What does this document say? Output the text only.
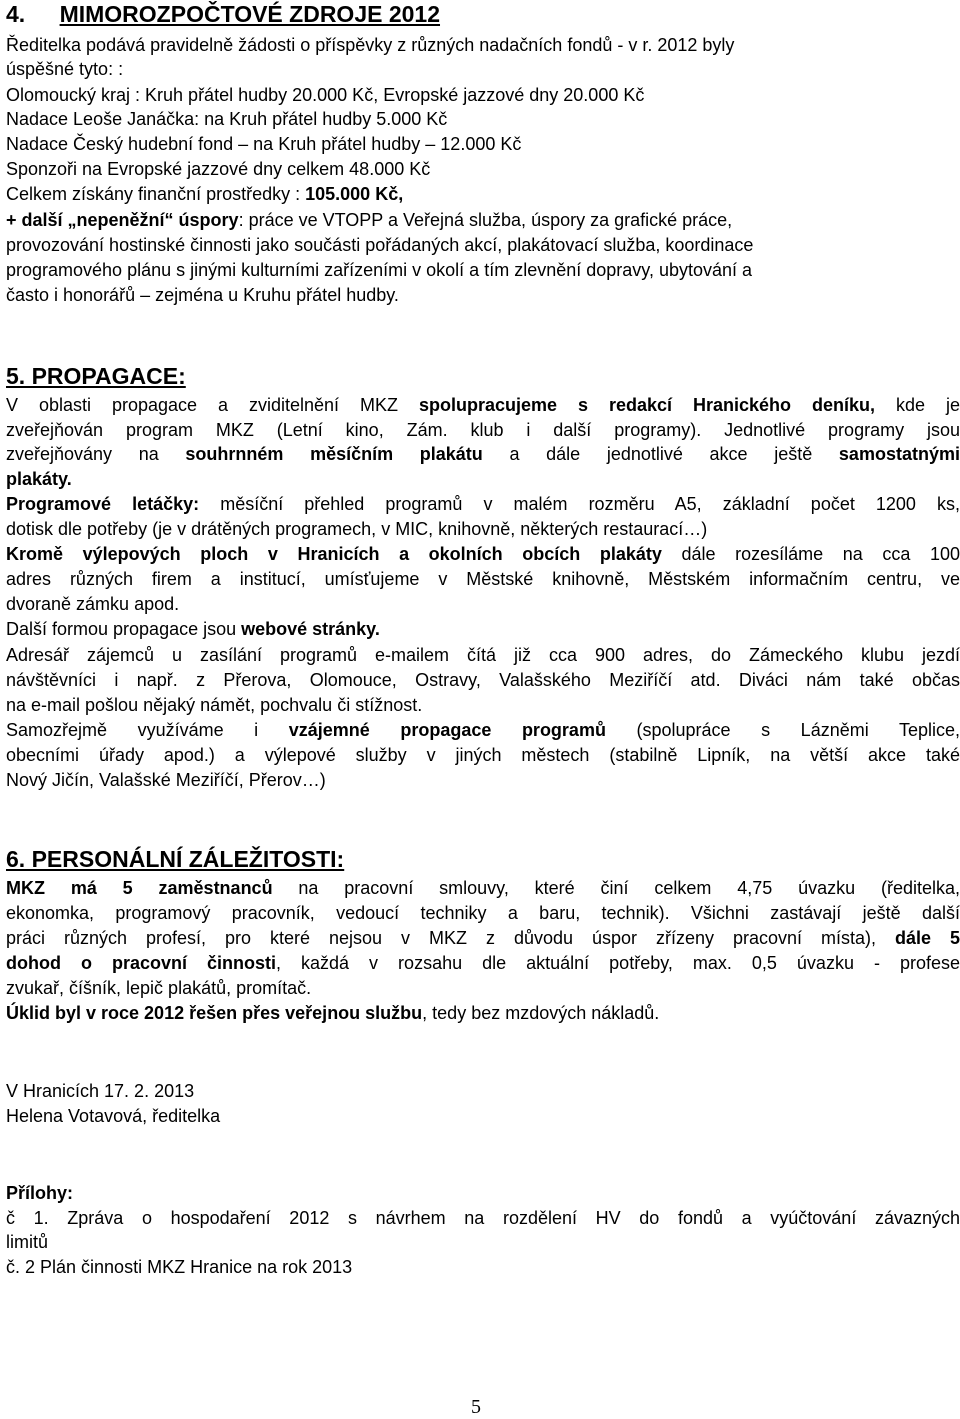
4. MIMOROZPOČTOVÉ ZDROJE 2012
Ředitelka podává pravidelně žádosti o příspěvky z různých nadačních fondů - v r. 2012 byly
úspěšné tyto: :
Olomoucký kraj : Kruh přátel hudby 20.000 Kč, Evropské jazzové dny 20.000 Kč
Nadace Leoše Janáčka: na Kruh přátel hudby 5.000 Kč
Nadace Český hudební fond – na Kruh přátel hudby – 12.000 Kč
Sponzoři na Evropské jazzové dny celkem 48.000 Kč
Celkem získány finanční prostředky : 105.000 Kč,
+ další „nepeněžní“ úspory: práce ve VTOPP a Veřejná služba, úspory za grafické práce,
provozování hostinské činnosti jako součásti pořádaných akcí, plakátovací služba, koordinace
programového plánu s jinými kulturními zařízeními v okolí a tím zlevnění dopravy, ubytování a
často i honorářů – zejména u Kruhu přátel hudby.
5. PROPAGACE:
V oblasti propagace a zviditelnění MKZ spolupracujeme s redakcí Hranického deníku, kde je
zveřejňován program MKZ (Letní kino, Zám. klub i další programy). Jednotlivé programy jsou
zveřejňovány na souhrnném měsíčním plakátu a dále jednotlivé akce ještě samostatnými
plakáty.
Programové letáčky: měsíční přehled programů v malém rozměru A5, základní počet 1200 ks,
dotisk dle potřeby (je v drátěných programech, v MIC, knihovně, některých restaurací…)
Kromě výlepových ploch v Hranicích a okolních obcích plakáty dále rozesíláme na cca 100
adres různých firem a institucí, umísťujeme v Městské knihovně, Městském informačním centru, ve
dvoraně zámku apod.
Další formou propagace jsou webové stránky.
Adresář zájemců u zasílání programů e-mailem čítá již cca 900 adres, do Zámeckého klubu jezdí
návštěvníci i např. z Přerova, Olomouce, Ostravy, Valašského Meziříčí atd. Diváci nám také občas
na e-mail pošlou nějaký námět, pochvalu či stížnost.
Samozřejmě využíváme i vzájemné propagace programů (spolupráce s Lázněmi Teplice,
obecními úřady apod.) a výlepové služby v jiných městech (stabilně Lipník, na větší akce také
Nový Jičín, Valašské Meziříčí, Přerov…)
6. PERSONÁLNÍ ZÁLEŽITOSTI:
MKZ má 5 zaměstnanců na pracovní smlouvy, které činí celkem 4,75 úvazku (ředitelka,
ekonomka, programový pracovník, vedoucí techniky a baru, technik). Všichni zastávají ještě další
práci různých profesí, pro které nejsou v MKZ z důvodu úspor zřízeny pracovní místa), dále 5
dohod o pracovní činnosti, každá v rozsahu dle aktuální potřeby, max. 0,5 úvazku - profese
zvukař, číšník, lepič plakátů, promítač.
Úklid byl v roce 2012 řešen přes veřejnou službu, tedy bez mzdových nákladů.
V Hranicích 17. 2. 2013
Helena Votavová, ředitelka
Přílohy:
č 1. Zpráva o hospodaření 2012 s návrhem na rozdělení HV do fondů a vyúčtování závazných
limitů
č. 2 Plán činnosti MKZ Hranice na rok 2013
5
